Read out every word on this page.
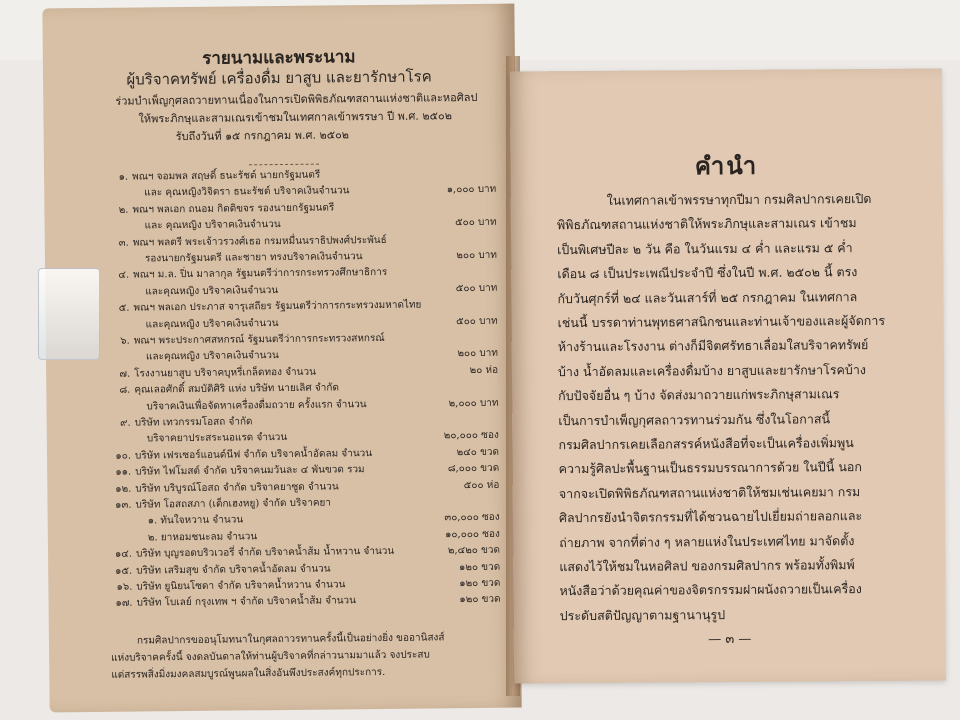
รายนามและพระนาม
ผู้บริจาคทรัพย์ เครื่องดื่ม ยาสูบ และยารักษาโรค
ร่วมบำเพ็ญกุศลถวายทานเนื่องในการเปิดพิพิธภัณฑสถานแห่งชาติและหอศิลป
ให้พระภิกษุและสามเณรเข้าชมในเทศกาลเข้าพรรษา ปี พ.ศ. ๒๕๐๒
รับถึงวันที่ ๑๕ กรกฎาคม พ.ศ. ๒๕๐๒
๑. พณฯ จอมพล สฤษดิ์ ธนะรัชต์ นายกรัฐมนตรี
และ คุณหญิงวิจิตรา ธนะรัชต์ บริจาคเงินจำนวน	๑,๐๐๐ บาท
๒. พณฯ พลเอก ถนอม กิตติขจร รองนายกรัฐมนตรี
และ คุณหญิง บริจาคเงินจำนวน	๕๐๐ บาท
๓. พณฯ พลตรี พระเจ้าวรวงศ์เธอ กรมหมื่นนราธิปพงศ์ประพันธ์
รองนายกรัฐมนตรี และชายา ทรงบริจาคเงินจำนวน	๒๐๐ บาท
๔. พณฯ ม.ล. ปิ่น มาลากุล รัฐมนตรีว่าการกระทรวงศึกษาธิการ
และคุณหญิง บริจาคเงินจำนวน	๕๐๐ บาท
๕. พณฯ พลเอก ประภาส จารุเสถียร รัฐมนตรีว่าการกระทรวงมหาดไทย
และคุณหญิง บริจาคเงินจำนวน	๕๐๐ บาท
๖. พณฯ พระประกาศสหกรณ์ รัฐมนตรีว่าการกระทรวงสหกรณ์
และคุณหญิง บริจาคเงินจำนวน	๒๐๐ บาท
๗. โรงงานยาสูบ บริจาคบุหรี่เกล็ดทอง จำนวน	๒๐ ห่อ
๘. คุณเลอศักดิ์ สมบัติศิริ แห่ง บริษัท นายเลิศ จำกัด
บริจาคเงินเพื่อจัดหาเครื่องดื่มถวาย ครั้งแรก จำนวน	๒,๐๐๐ บาท
๙. บริษัท เทวกรรมโอสถ จำกัด
บริจาคยาประสระนอแรด จำนวน	๒๐,๐๐๐ ซอง
๑๐. บริษัท เฟรเซอร์แอนด์นีฟ จำกัด บริจาคน้ำอัดลม จำนวน	๒๔๐ ขวด
๑๑. บริษัท ไฟโมสต์ จำกัด บริจาคนมวันละ ๔ พันขวด รวม	๘,๐๐๐ ขวด
๑๒. บริษัท บริบูรณ์โอสถ จำกัด บริจาคยาซูด จำนวน	๕๐๐ ห่อ
๑๓. บริษัท โอสถสภา (เต็กเฮงหยู) จำกัด บริจาคยา
๑. ทันใจหวาน จำนวน	๓๐,๐๐๐ ซอง
๒. ยาหอมชนะลม จำนวน	๑๐,๐๐๐ ซอง
๑๔. บริษัท บุญรอดบริวเวอรี่ จำกัด บริจาคน้ำส้ม น้ำหวาน จำนวน	๒,๔๒๐ ขวด
๑๕. บริษัท เสริมสุข จำกัด บริจาคน้ำอัดลม จำนวน	๑๒๐ ขวด
๑๖. บริษัท ยูนิยนโซดา จำกัด บริจาคน้ำหวาน จำนวน	๑๒๐ ขวด
๑๗. บริษัท โบเลย์ กรุงเทพ ฯ จำกัด บริจาคน้ำส้ม จำนวน	๑๒๐ ขวด
กรมศิลปากรขออนุโมทนาในกุศลถาวรทานครั้งนี้เป็นอย่างยิ่ง ขออานิสงส์
แห่งบริจาคครั้งนี้ จงดลบันดาลให้ท่านผู้บริจาคที่กล่าวนามมาแล้ว จงประสบ
แต่สรรพสิ่งมิ่งมงคลสมบูรณ์พูนผลในสิ่งอันพึงประสงค์ทุกประการ.
คำนำ
ในเทศกาลเข้าพรรษาทุกปีมา กรมศิลปากรเคยเปิด
พิพิธภัณฑสถานแห่งชาติให้พระภิกษุและสามเณร เข้าชม
เป็นพิเศษปีละ ๒ วัน คือ ในวันแรม ๔ ค่ำ และแรม ๕ ค่ำ
เดือน ๘ เป็นประเพณีประจำปี ซึ่งในปี พ.ศ. ๒๕๐๒ นี้ ตรง
กับวันศุกร์ที่ ๒๔ และวันเสาร์ที่ ๒๕ กรกฎาคม ในเทศกาล
เช่นนี้ บรรดาท่านพุทธศาสนิกชนและท่านเจ้าของและผู้จัดการ
ห้างร้านและโรงงาน ต่างก็มีจิตศรัทธาเลื่อมใสบริจาคทรัพย์
บ้าง น้ำอัดลมและเครื่องดื่มบ้าง ยาสูบและยารักษาโรคบ้าง
กับปัจจัยอื่น ๆ บ้าง จัดส่งมาถวายแก่พระภิกษุสามเณร
เป็นการบำเพ็ญกุศลถาวรทานร่วมกัน ซึ่งในโอกาสนี้
กรมศิลปากรเคยเลือกสรรค์หนังสือที่จะเป็นเครื่องเพิ่มพูน
ความรู้ศิลปะพื้นฐานเป็นธรรมบรรณาการด้วย ในปีนี้ นอก
จากจะเปิดพิพิธภัณฑสถานแห่งชาติให้ชมเช่นเคยมา กรม
ศิลปากรยังนำจิตรกรรมที่ได้ชวนฉายไปเยี่ยมถ่ายลอกและ
ถ่ายภาพ จากที่ต่าง ๆ หลายแห่งในประเทศไทย มาจัดตั้ง
แสดงไว้ให้ชมในหอศิลป ของกรมศิลปากร พร้อมทั้งพิมพ์
หนังสือว่าด้วยคุณค่าของจิตรกรรมฝาผนังถวายเป็นเครื่อง
ประดับสติปัญญาตามฐานานุรูป
— ๓ —
